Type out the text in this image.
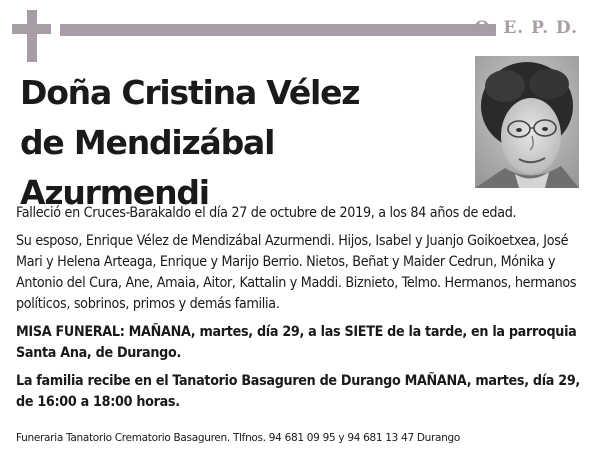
Q. E. P. D.
Doña Cristina Vélez
de Mendizábal Azurmendi

Falleció en Cruces-Barakaldo el día 27 de octubre de 2019, a los 84 años de edad.

Su esposo, Enrique Vélez de Mendizábal Azurmendi. Hijos, Isabel y Juanjo Goikoetxea, José Mari y Helena Arteaga, Enrique y Marijo Berrio. Nietos, Beñat y Maider Cedrun, Mónika y Antonio del Cura, Ane, Amaia, Aitor, Kattalin y Maddi. Biznieto, Telmo. Hermanos, hermanos políticos, sobrinos, primos y demás familia.

MISA FUNERAL: MAÑANA, martes, día 29, a las SIETE de la tarde, en la parroquia Santa Ana, de Durango.

La familia recibe en el Tanatorio Basaguren de Durango MAÑANA, martes, día 29, de 16:00 a 18:00 horas.

Funeraria Tanatorio Crematorio Basaguren. Tlfnos. 94 681 09 95 y 94 681 13 47 Durango
